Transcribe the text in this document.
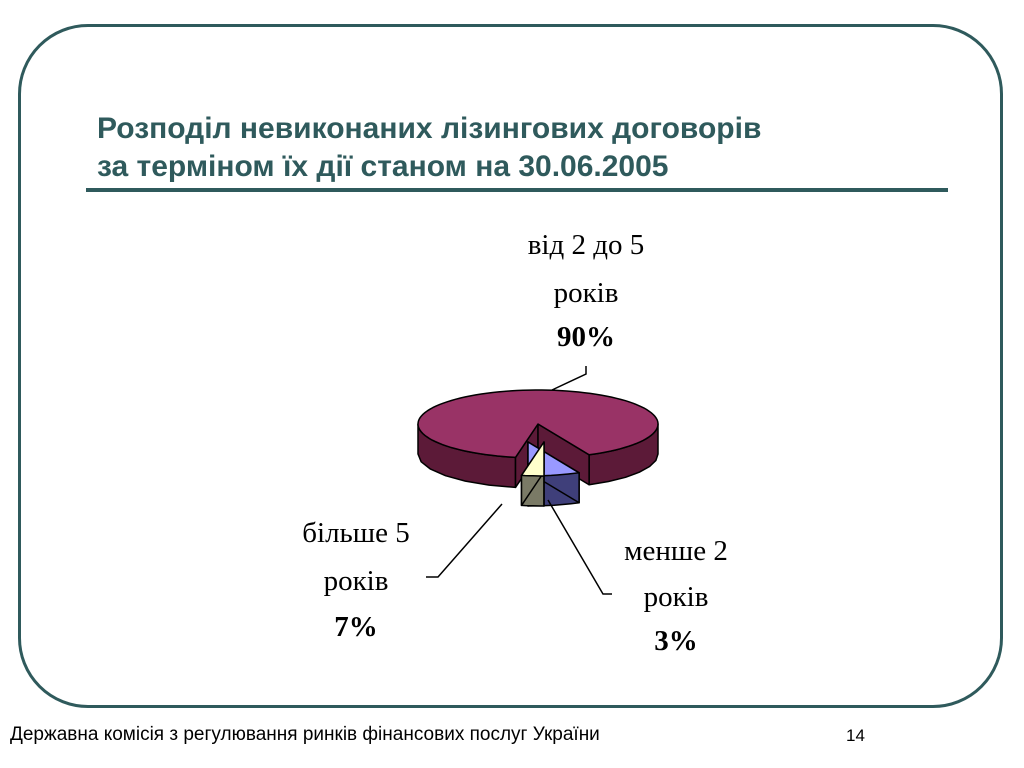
Розподіл невиконаних лізингових договорів
за терміном їх дії станом на 30.06.2005
від 2 до 5
років
90%
більше 5
років
7%
менше 2
років
3%
Державна комісія з регулювання ринків фінансових послуг України	14
